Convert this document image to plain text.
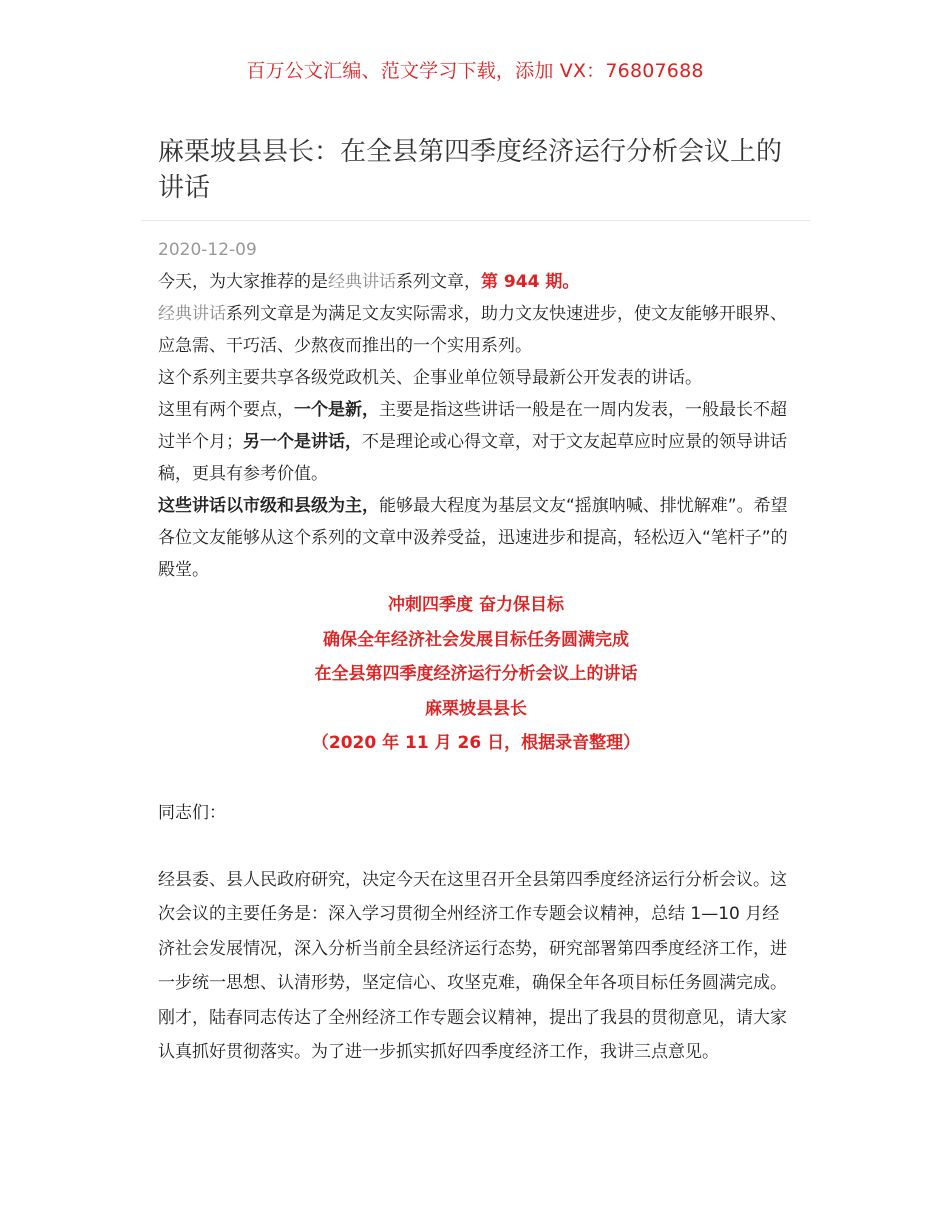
百万公文汇编、范文学习下载，添加 VX：76807688
麻栗坡县县长：在全县第四季度经济运行分析会议上的讲话
2020-12-09

今天，为大家推荐的是经典讲话系列文章，第 944 期。

经典讲话系列文章是为满足文友实际需求，助力文友快速进步，使文友能够开眼界、应急需、干巧活、少熬夜而推出的一个实用系列。

这个系列主要共享各级党政机关、企事业单位领导最新公开发表的讲话。

这里有两个要点，一个是新，主要是指这些讲话一般是在一周内发表，一般最长不超过半个月；另一个是讲话，不是理论或心得文章，对于文友起草应时应景的领导讲话稿，更具有参考价值。

这些讲话以市级和县级为主，能够最大程度为基层文友“摇旗呐喊、排忧解难”。希望各位文友能够从这个系列的文章中汲养受益，迅速进步和提高，轻松迈入“笔杆子”的殿堂。

冲刺四季度 奋力保目标

确保全年经济社会发展目标任务圆满完成

在全县第四季度经济运行分析会议上的讲话

麻栗坡县县长

（2020 年 11 月 26 日，根据录音整理）

同志们：

经县委、县人民政府研究，决定今天在这里召开全县第四季度经济运行分析会议。这次会议的主要任务是：深入学习贯彻全州经济工作专题会议精神，总结 1—10 月经济社会发展情况，深入分析当前全县经济运行态势，研究部署第四季度经济工作，进一步统一思想、认清形势，坚定信心、攻坚克难，确保全年各项目标任务圆满完成。刚才，陆春同志传达了全州经济工作专题会议精神，提出了我县的贯彻意见，请大家认真抓好贯彻落实。为了进一步抓实抓好四季度经济工作，我讲三点意见。
